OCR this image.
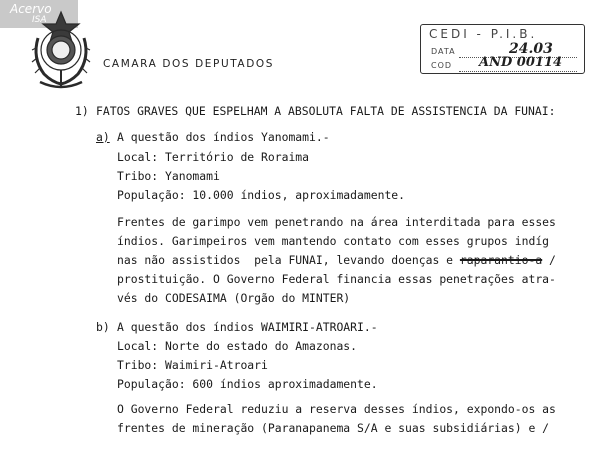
Acervo
ISA
CAMARA DOS DEPUTADOS
CEDI - P.I.B.
DATA	24.03
COD AND 00114

1)

FATOS GRAVES QUE ESPELHAM A ABSOLUTA FALTA DE ASSISTENCIA DA FUNAI:

a)

A questão dos índios Yanomami.-

Local: Território de Roraima

Tribo: Yanomami

População: 10.000 índios, aproximadamente.

Frentes de garimpo vem penetrando na área interditada para esses

índios. Garimpeiros vem mantendo contato com esses grupos indíg

nas não assistidos  pela FUNAI, levando doenças e raparantio-a /

prostituição. O Governo Federal financia essas penetrações atra-

vés do CODESAIMA (Orgão do MINTER)

b)

A questão dos índios WAIMIRI-ATROARI.-

Local: Norte do estado do Amazonas.

Tribo: Waimiri-Atroari

População: 600 índios aproximadamente.

O Governo Federal reduziu a reserva desses índios, expondo-os as

frentes de mineração (Paranapanema S/A e suas subsidiárias) e /
